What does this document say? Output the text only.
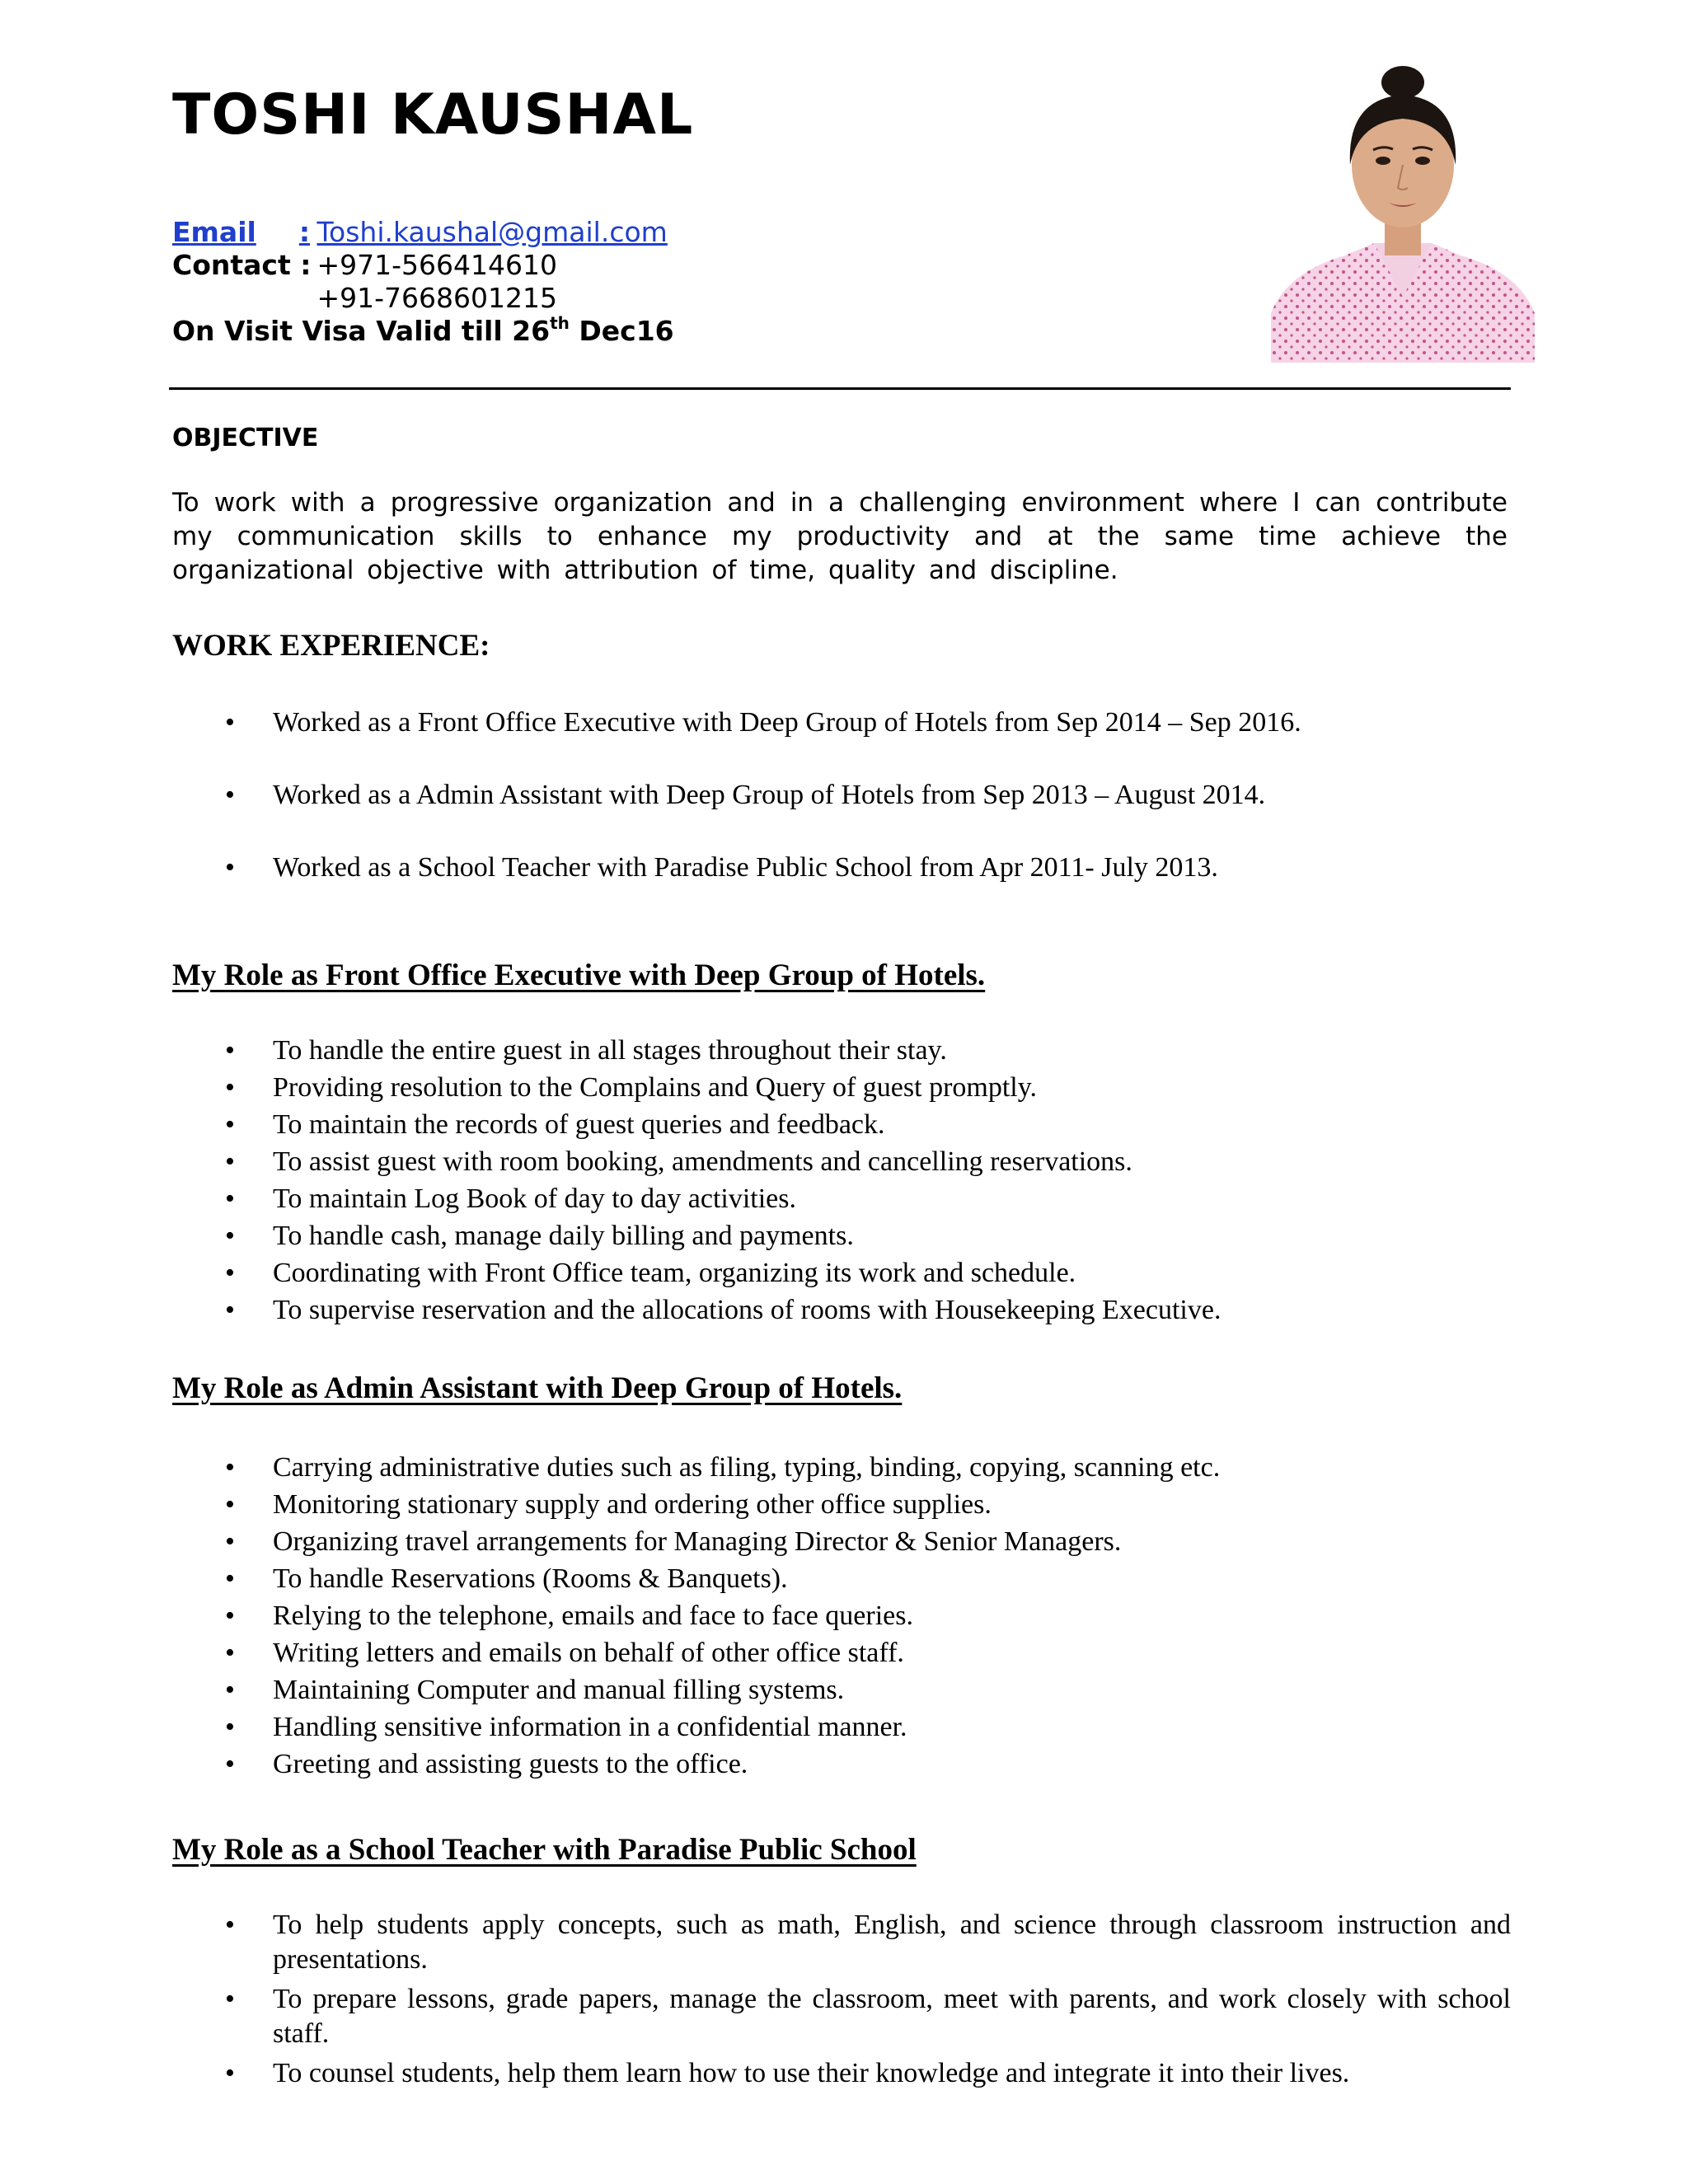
TOSHI KAUSHAL
Email : Toshi.kaushal@gmail.com
Contact : +971-566414610
+91-7668601215
On Visit Visa Valid till 26th Dec16
OBJECTIVE

To work with a progressive organization and in a challenging environment where I can contribute my communication skills to enhance my productivity and at the same time achieve the organizational objective with attribution of time, quality and discipline.

WORK EXPERIENCE:
• Worked as a Front Office Executive with Deep Group of Hotels from Sep 2014 – Sep 2016.
• Worked as a Admin Assistant with Deep Group of Hotels from Sep 2013 – August 2014.
• Worked as a School Teacher with Paradise Public School from Apr 2011- July 2013.
My Role as Front Office Executive with Deep Group of Hotels.
• To handle the entire guest in all stages throughout their stay.
• Providing resolution to the Complains and Query of guest promptly.
• To maintain the records of guest queries and feedback.
• To assist guest with room booking, amendments and cancelling reservations.
• To maintain Log Book of day to day activities.
• To handle cash, manage daily billing and payments.
• Coordinating with Front Office team, organizing its work and schedule.
• To supervise reservation and the allocations of rooms with Housekeeping Executive.
My Role as Admin Assistant with Deep Group of Hotels.
• Carrying administrative duties such as filing, typing, binding, copying, scanning etc.
• Monitoring stationary supply and ordering other office supplies.
• Organizing travel arrangements for Managing Director & Senior Managers.
• To handle Reservations (Rooms & Banquets).
• Relying to the telephone, emails and face to face queries.
• Writing letters and emails on behalf of other office staff.
• Maintaining Computer and manual filling systems.
• Handling sensitive information in a confidential manner.
• Greeting and assisting guests to the office.
My Role as a School Teacher with Paradise Public School
• To help students apply concepts, such as math, English, and science through classroom instruction and presentations.
• To prepare lessons, grade papers, manage the classroom, meet with parents, and work closely with school staff.
• To counsel students, help them learn how to use their knowledge and integrate it into their lives.
